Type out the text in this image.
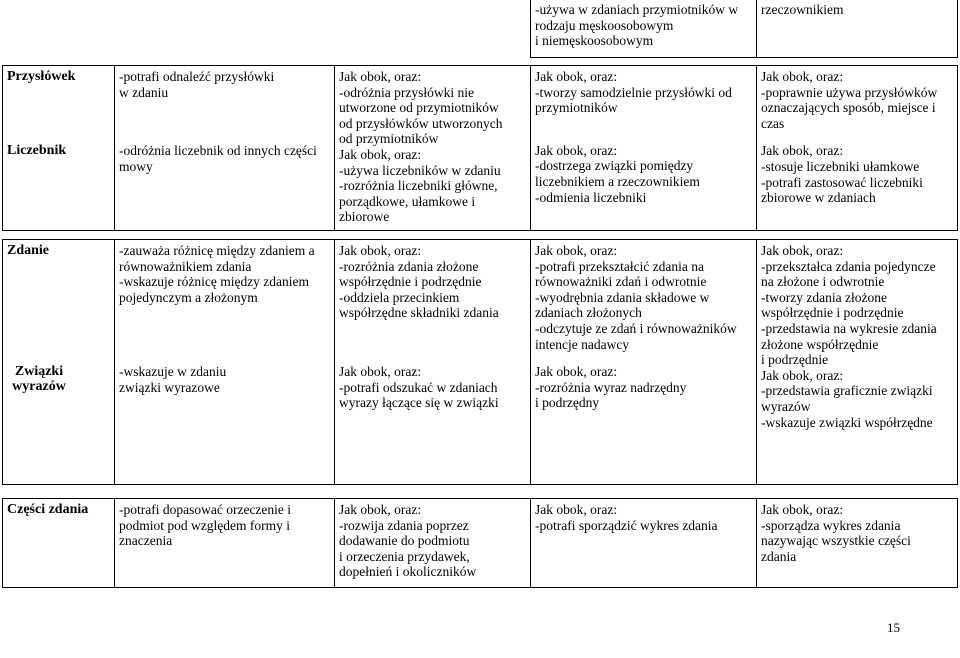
-używa w zdaniach przymiotników w
rodzaju męskoosobowym
i niemęskoosobowym

rzeczownikiem

Przysłówek

Liczebnik

-potrafi odnaleźć przysłówki
w zdaniu

-odróżnia liczebnik od innych części
mowy

Jak obok, oraz:

-odróżnia przysłówki nie
utworzone od przymiotników
od przysłówków utworzonych
od przymiotników

Jak obok, oraz:

-używa liczebników w zdaniu
-rozróżnia liczebniki główne,
porządkowe, ułamkowe i
zbiorowe

Jak obok, oraz:

-tworzy samodzielnie przysłówki od
przymiotników

Jak obok, oraz:

-dostrzega związki pomiędzy
liczebnikiem a rzeczownikiem
-odmienia liczebniki

Jak obok, oraz:

-poprawnie używa przysłówków
oznaczających sposób, miejsce i
czas

Jak obok, oraz:

-stosuje liczebniki ułamkowe
-potrafi zastosować liczebniki
zbiorowe w zdaniach

Zdanie

Związki
wyrazów

-zauważa różnicę między zdaniem a
równoważnikiem zdania
-wskazuje różnicę między zdaniem
pojedynczym a złożonym

-wskazuje w zdaniu
związki wyrazowe

Jak obok, oraz:

-rozróżnia zdania złożone
współrzędnie i podrzędnie
-oddziela przecinkiem
współrzędne składniki zdania

Jak obok, oraz:

-potrafi odszukać w zdaniach
wyrazy łączące się w związki

Jak obok, oraz:

-potrafi przekształcić zdania na
równoważniki zdań i odwrotnie
-wyodrębnia zdania składowe w
zdaniach złożonych
-odczytuje ze zdań i równoważników
intencje nadawcy

Jak obok, oraz:

-rozróżnia wyraz nadrzędny
i podrzędny

Jak obok, oraz:

-przekształca zdania pojedyncze
na złożone i odwrotnie
-tworzy zdania złożone
współrzędnie i podrzędnie
-przedstawia na wykresie zdania
złożone współrzędnie
i podrzędnie

Jak obok, oraz:

-przedstawia graficznie związki
wyrazów
-wskazuje związki współrzędne

Części zdania	-potrafi dopasować orzeczenie i
podmiot pod względem formy i
znaczenia

Jak obok, oraz:

-rozwija zdania poprzez
dodawanie do podmiotu
i orzeczenia przydawek,
dopełnień i okoliczników

Jak obok, oraz:

-potrafi sporządzić wykres zdania

Jak obok, oraz:

-sporządza wykres zdania
nazywając wszystkie części
zdania

15
